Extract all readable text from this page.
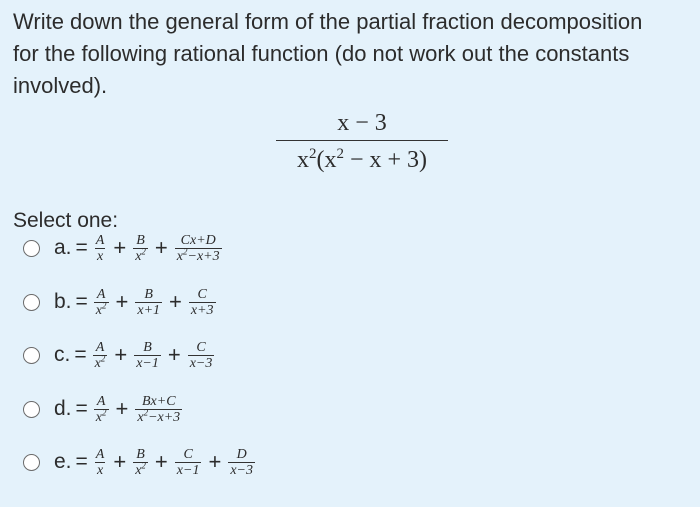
Write down the general form of the partial fraction decomposition
for the following rational function (do not work out the constants
involved).
x − 3
$x^2(x^2 - x + 3)$
Select one:
a. = $\frac{A}{x} + \frac{B}{x^2} + \frac{Cx+D}{x^2-x+3}$
b. = $\frac{A}{x^2} + \frac{B}{x+1} + \frac{C}{x+3}$
c. = $\frac{A}{x^2} + \frac{B}{x-1} + \frac{C}{x-3}$
d. = $\frac{A}{x^2} + \frac{Bx+C}{x^2-x+3}$
e. = $\frac{A}{x} + \frac{B}{x^2} + \frac{C}{x-1} + \frac{D}{x-3}$
